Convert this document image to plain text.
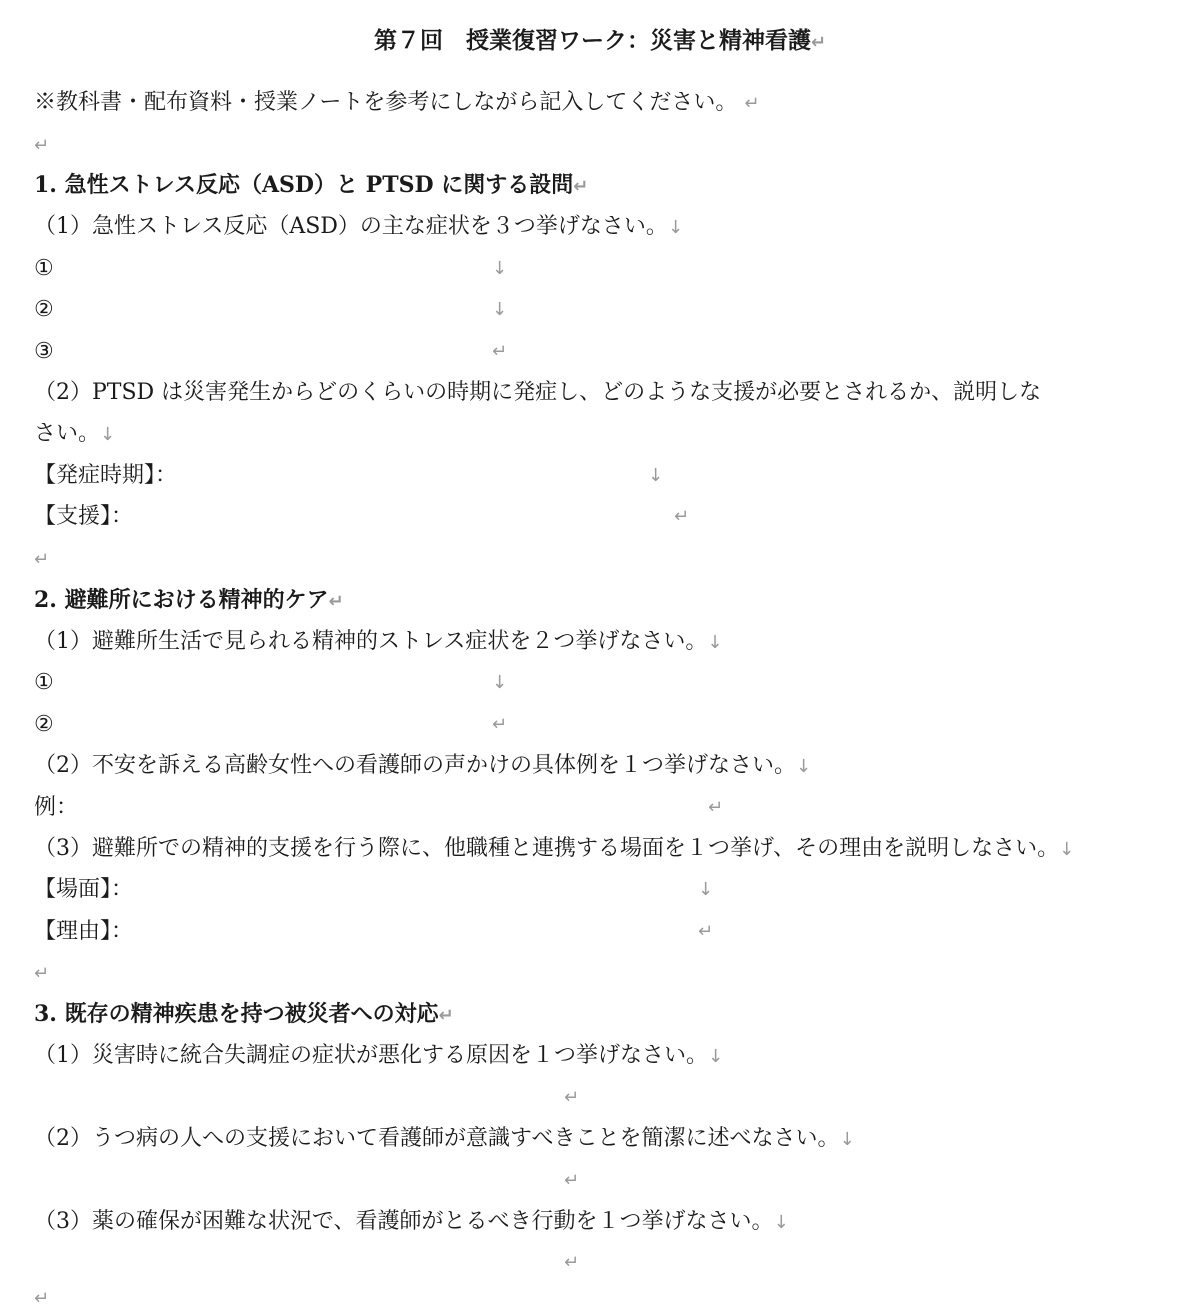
第７回　授業復習ワーク：災害と精神看護↵
※教科書・配布資料・授業ノートを参考にしながら記入してください。 ↵
↵
1. 急性ストレス反応（ASD）と PTSD に関する設問↵
（1）急性ストレス反応（ASD）の主な症状を３つ挙げなさい。↓
①	↓
②	↓
③	↵
（2）PTSD は災害発生からどのくらいの時期に発症し、どのような支援が必要とされるか、説明しな
さい。↓
【発症時期】：	↓
【支援】：	↵
↵
2. 避難所における精神的ケア↵
（1）避難所生活で見られる精神的ストレス症状を２つ挙げなさい。↓
①	↓
②	↵
（2）不安を訴える高齢女性への看護師の声かけの具体例を１つ挙げなさい。↓
例：	↵
（3）避難所での精神的支援を行う際に、他職種と連携する場面を１つ挙げ、その理由を説明しなさい。↓
【場面】：	↓
【理由】：	↵
↵
3. 既存の精神疾患を持つ被災者への対応↵
（1）災害時に統合失調症の症状が悪化する原因を１つ挙げなさい。↓
↵
（2）うつ病の人への支援において看護師が意識すべきことを簡潔に述べなさい。↓
↵
（3）薬の確保が困難な状況で、看護師がとるべき行動を１つ挙げなさい。↓
↵
↵
